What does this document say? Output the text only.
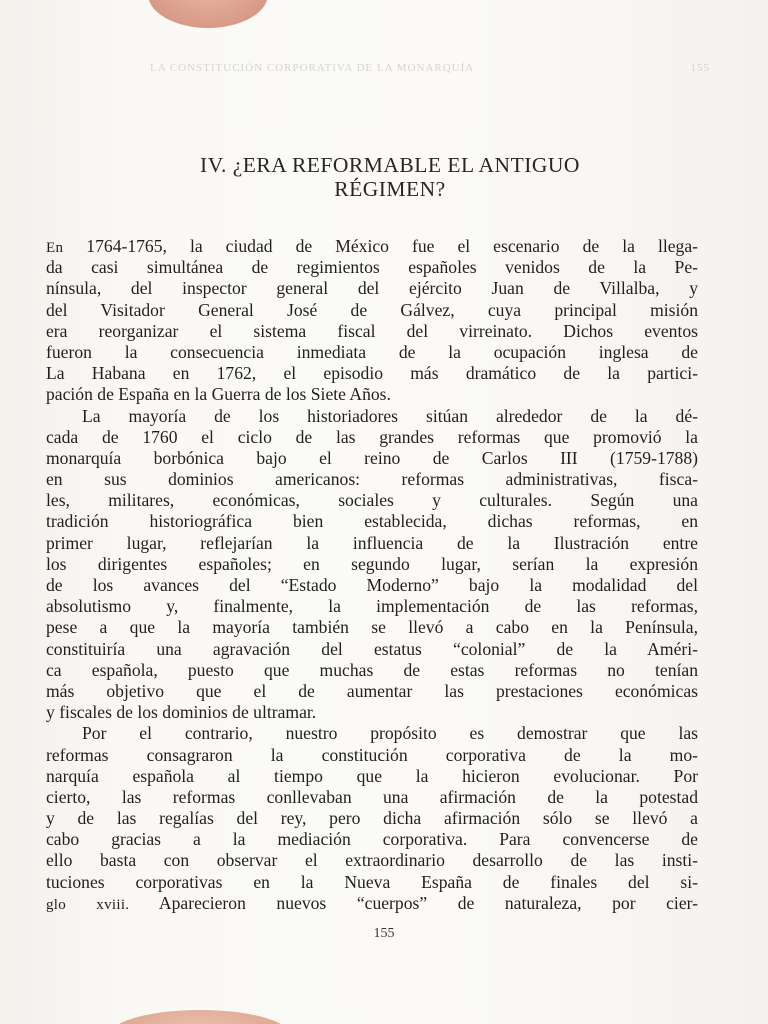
LA CONSTITUCIÓN CORPORATIVA DE LA MONARQUÍA	155
IV. ¿ERA REFORMABLE EL ANTIGUO
RÉGIMEN?
En 1764-1765, la ciudad de México fue el escenario de la llega-
da casi simultánea de regimientos españoles venidos de la Pe-
nínsula, del inspector general del ejército Juan de Villalba, y
del Visitador General José de Gálvez, cuya principal misión
era reorganizar el sistema fiscal del virreinato. Dichos eventos
fueron la consecuencia inmediata de la ocupación inglesa de
La Habana en 1762, el episodio más dramático de la partici-
pación de España en la Guerra de los Siete Años.
La mayoría de los historiadores sitúan alrededor de la dé-
cada de 1760 el ciclo de las grandes reformas que promovió la
monarquía borbónica bajo el reino de Carlos III (1759-1788)
en sus dominios americanos: reformas administrativas, fisca-
les, militares, económicas, sociales y culturales. Según una
tradición historiográfica bien establecida, dichas reformas, en
primer lugar, reflejarían la influencia de la Ilustración entre
los dirigentes españoles; en segundo lugar, serían la expresión
de los avances del “Estado Moderno” bajo la modalidad del
absolutismo y, finalmente, la implementación de las reformas,
pese a que la mayoría también se llevó a cabo en la Península,
constituiría una agravación del estatus “colonial” de la Améri-
ca española, puesto que muchas de estas reformas no tenían
más objetivo que el de aumentar las prestaciones económicas
y fiscales de los dominios de ultramar.
Por el contrario, nuestro propósito es demostrar que las
reformas consagraron la constitución corporativa de la mo-
narquía española al tiempo que la hicieron evolucionar. Por
cierto, las reformas conllevaban una afirmación de la potestad
y de las regalías del rey, pero dicha afirmación sólo se llevó a
cabo gracias a la mediación corporativa. Para convencerse de
ello basta con observar el extraordinario desarrollo de las insti-
tuciones corporativas en la Nueva España de finales del si-
glo xviii. Aparecieron nuevos “cuerpos” de naturaleza, por cier-
155
